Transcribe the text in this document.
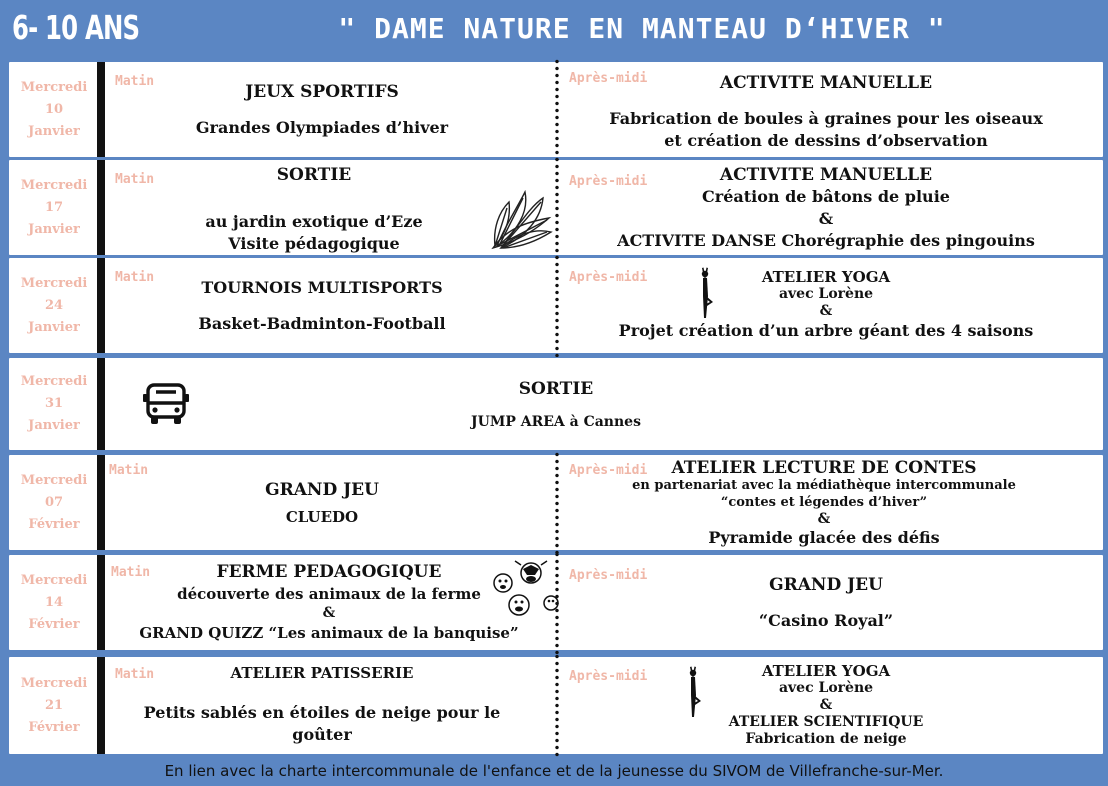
6- 10 ANS	" DAME NATURE EN MANTEAU D‘HIVER "
Mercredi
10
Janvier
Matin	JEUX SPORTIFS
Grandes Olympiades d’hiver
Après-midi	ACTIVITE MANUELLE
Fabrication de boules à graines pour les oiseaux
et création de dessins d’observation
Mercredi
17
Janvier
Matin	SORTIE
au jardin exotique d’Eze
Visite pédagogique
Après-midi	ACTIVITE MANUELLE
Création de bâtons de pluie
&
ACTIVITE DANSE Chorégraphie des pingouins
Mercredi
24
Janvier
Matin	TOURNOIS MULTISPORTS
Basket-Badminton-Football
Après-midi	ATELIER YOGA
avec Lorène
&
Projet création d’un arbre géant des 4 saisons
Mercredi
31
Janvier
SORTIE
JUMP AREA à Cannes
Mercredi
07
Février
Matin
GRAND JEU
CLUEDO
Après-midi ATELIER LECTURE DE CONTES
en partenariat avec la médiathèque intercommunale
“contes et légendes d’hiver”
&
Pyramide glacée des défis
Mercredi
14
Février
Matin	FERME PEDAGOGIQUE
découverte des animaux de la ferme
&
GRAND QUIZZ “Les animaux de la banquise”
Après-midi	GRAND JEU
“Casino Royal”
Mercredi
21
Février
Matin	ATELIER PATISSERIE
Petits sablés en étoiles de neige pour le goûter
Après-midi	ATELIER YOGA
avec Lorène
&
ATELIER SCIENTIFIQUE
Fabrication de neige
En lien avec la charte intercommunale de l'enfance et de la jeunesse du SIVOM de Villefranche-sur-Mer.
